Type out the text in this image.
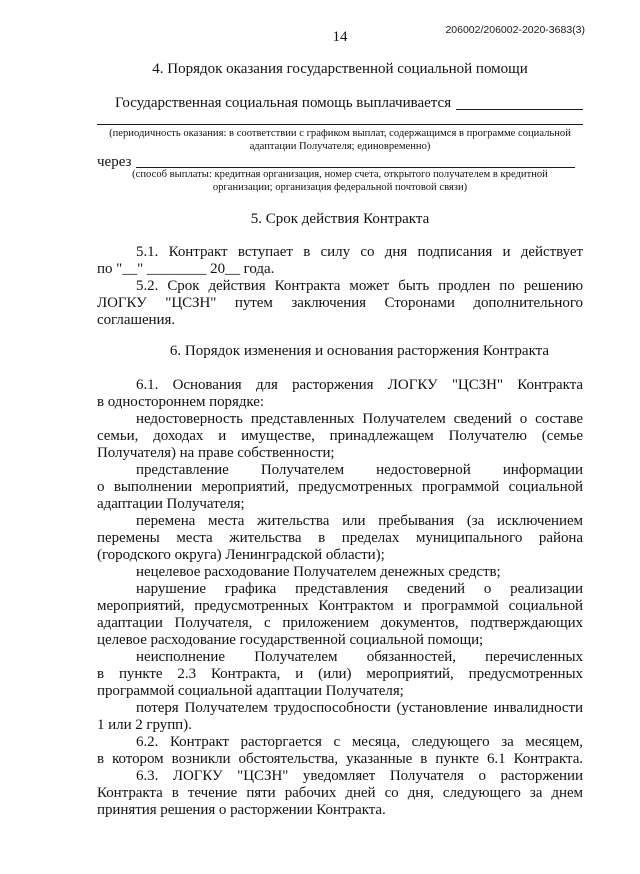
206002/206002-2020-3683(3)
14
4. Порядок оказания государственной социальной помощи
Государственная социальная помощь выплачивается
(периодичность оказания: в соответствии с графиком выплат, содержащимся в программе социальной
адаптации Получателя; единовременно)
через
(способ выплаты: кредитная организация, номер счета, открытого получателем в кредитной
организации; организация федеральной почтовой связи)
5. Срок действия Контракта
5.1. Контракт вступает в силу со дня подписания и действует
по "__" ________ 20__ года.
5.2. Срок действия Контракта может быть продлен по решению
ЛОГКУ "ЦСЗН" путем заключения Сторонами дополнительного
соглашения.
6. Порядок изменения и основания расторжения Контракта
6.1. Основания для расторжения ЛОГКУ "ЦСЗН" Контракта
в одностороннем порядке:
недостоверность представленных Получателем сведений о составе
семьи, доходах и имуществе, принадлежащем Получателю (семье
Получателя) на праве собственности;
представление Получателем недостоверной информации
о выполнении мероприятий, предусмотренных программой социальной
адаптации Получателя;
перемена места жительства или пребывания (за исключением
перемены места жительства в пределах муниципального района
(городского округа) Ленинградской области);
нецелевое расходование Получателем денежных средств;
нарушение графика представления сведений о реализации
мероприятий, предусмотренных Контрактом и программой социальной
адаптации Получателя, с приложением документов, подтверждающих
целевое расходование государственной социальной помощи;
неисполнение Получателем обязанностей, перечисленных
в пункте 2.3 Контракта, и (или) мероприятий, предусмотренных
программой социальной адаптации Получателя;
потеря Получателем трудоспособности (установление инвалидности
1 или 2 групп).
6.2. Контракт расторгается с месяца, следующего за месяцем,
в котором возникли обстоятельства, указанные в пункте 6.1 Контракта.
6.3. ЛОГКУ "ЦСЗН" уведомляет Получателя о расторжении
Контракта в течение пяти рабочих дней со дня, следующего за днем
принятия решения о расторжении Контракта.
